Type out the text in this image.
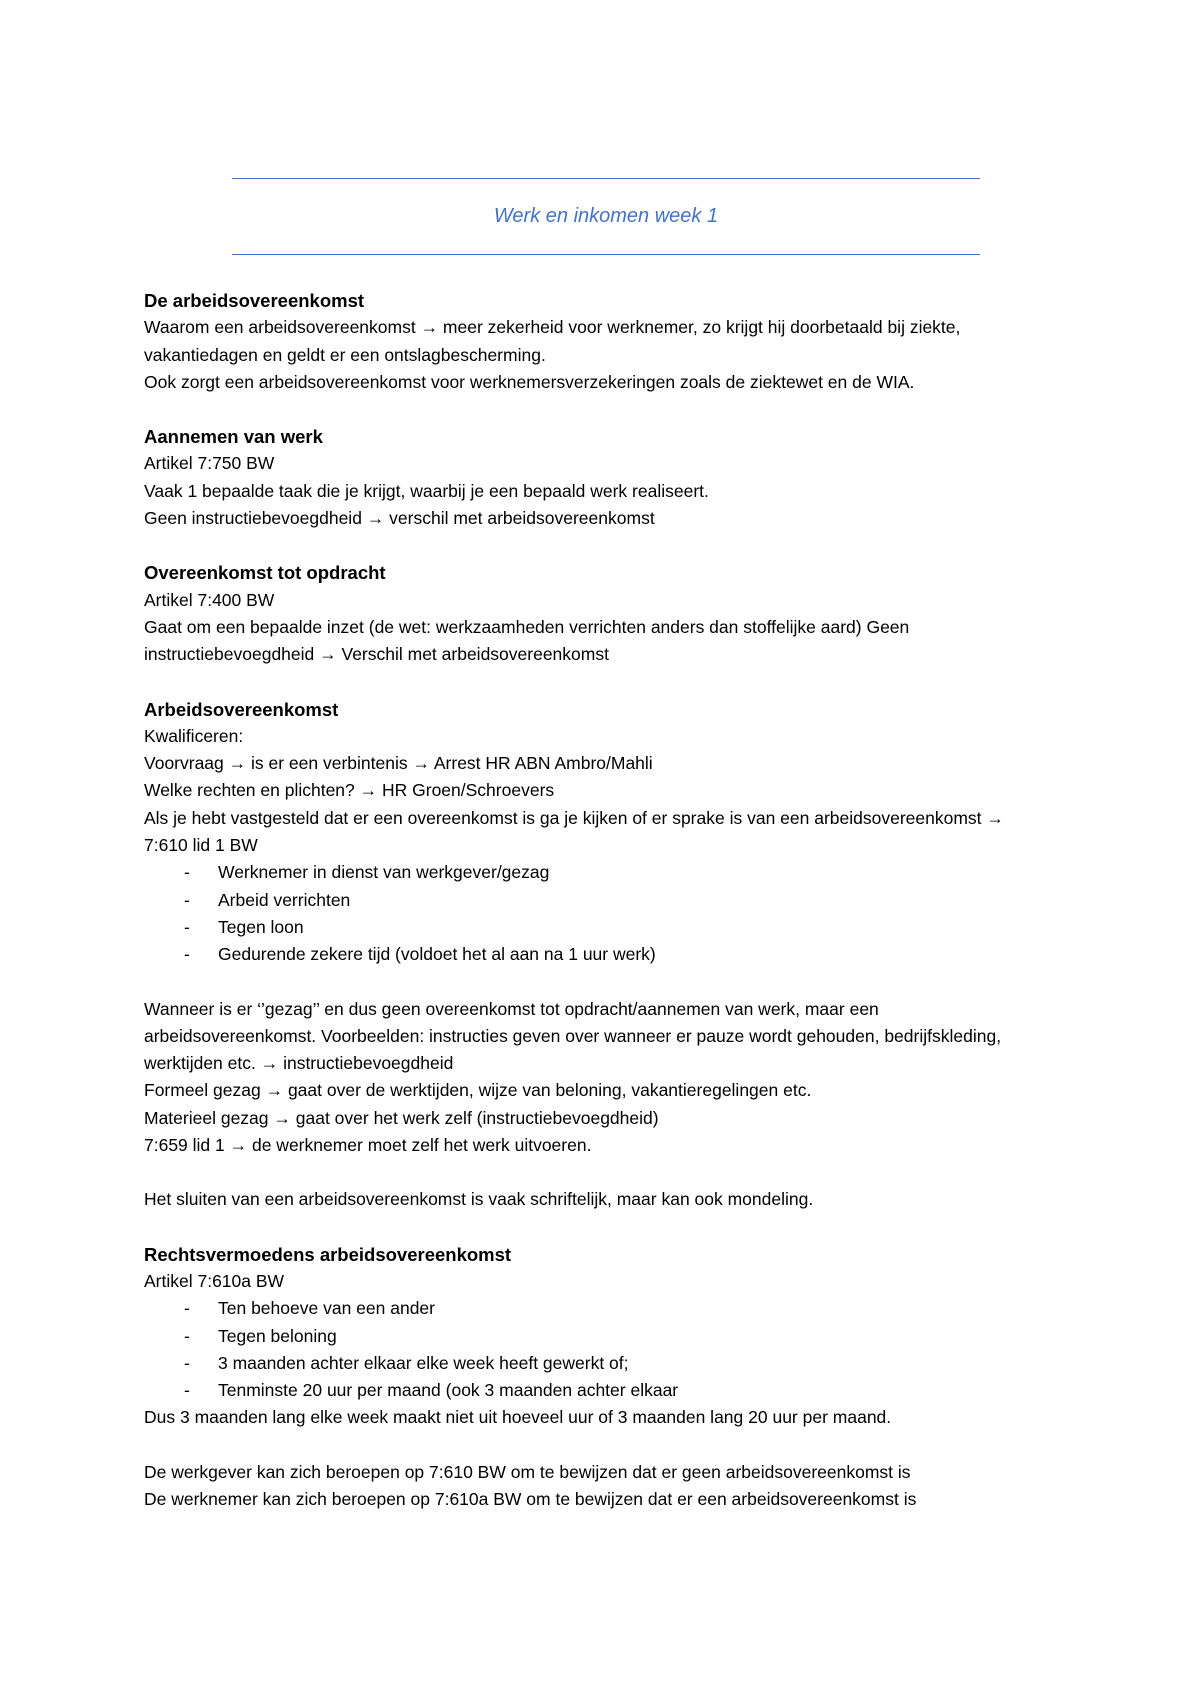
Werk en inkomen week 1
De arbeidsovereenkomst

Waarom een arbeidsovereenkomst → meer zekerheid voor werknemer, zo krijgt hij doorbetaald bij ziekte, vakantiedagen en geldt er een ontslagbescherming.

Ook zorgt een arbeidsovereenkomst voor werknemersverzekeringen zoals de ziektewet en de WIA.

Aannemen van werk

Artikel 7:750 BW

Vaak 1 bepaalde taak die je krijgt, waarbij je een bepaald werk realiseert.

Geen instructiebevoegdheid → verschil met arbeidsovereenkomst

Overeenkomst tot opdracht

Artikel 7:400 BW

Gaat om een bepaalde inzet (de wet: werkzaamheden verrichten anders dan stoffelijke aard) Geen instructiebevoegdheid → Verschil met arbeidsovereenkomst

Arbeidsovereenkomst

Kwalificeren:

Voorvraag → is er een verbintenis → Arrest HR ABN Ambro/Mahli

Welke rechten en plichten? → HR Groen/Schroevers

Als je hebt vastgesteld dat er een overeenkomst is ga je kijken of er sprake is van een arbeidsovereenkomst → 7:610 lid 1 BW

- Werknemer in dienst van werkgever/gezag
- Arbeid verrichten
- Tegen loon
- Gedurende zekere tijd (voldoet het al aan na 1 uur werk)

Wanneer is er ‘’gezag’’ en dus geen overeenkomst tot opdracht/aannemen van werk, maar een arbeidsovereenkomst. Voorbeelden: instructies geven over wanneer er pauze wordt gehouden, bedrijfskleding, werktijden etc. → instructiebevoegdheid

Formeel gezag → gaat over de werktijden, wijze van beloning, vakantieregelingen etc.

Materieel gezag → gaat over het werk zelf (instructiebevoegdheid)

7:659 lid 1 → de werknemer moet zelf het werk uitvoeren.

Het sluiten van een arbeidsovereenkomst is vaak schriftelijk, maar kan ook mondeling.

Rechtsvermoedens arbeidsovereenkomst

Artikel 7:610a BW

- Ten behoeve van een ander
- Tegen beloning
- 3 maanden achter elkaar elke week heeft gewerkt of;
- Tenminste 20 uur per maand (ook 3 maanden achter elkaar

Dus 3 maanden lang elke week maakt niet uit hoeveel uur of 3 maanden lang 20 uur per maand.

De werkgever kan zich beroepen op 7:610 BW om te bewijzen dat er geen arbeidsovereenkomst is

De werknemer kan zich beroepen op 7:610a BW om te bewijzen dat er een arbeidsovereenkomst is
